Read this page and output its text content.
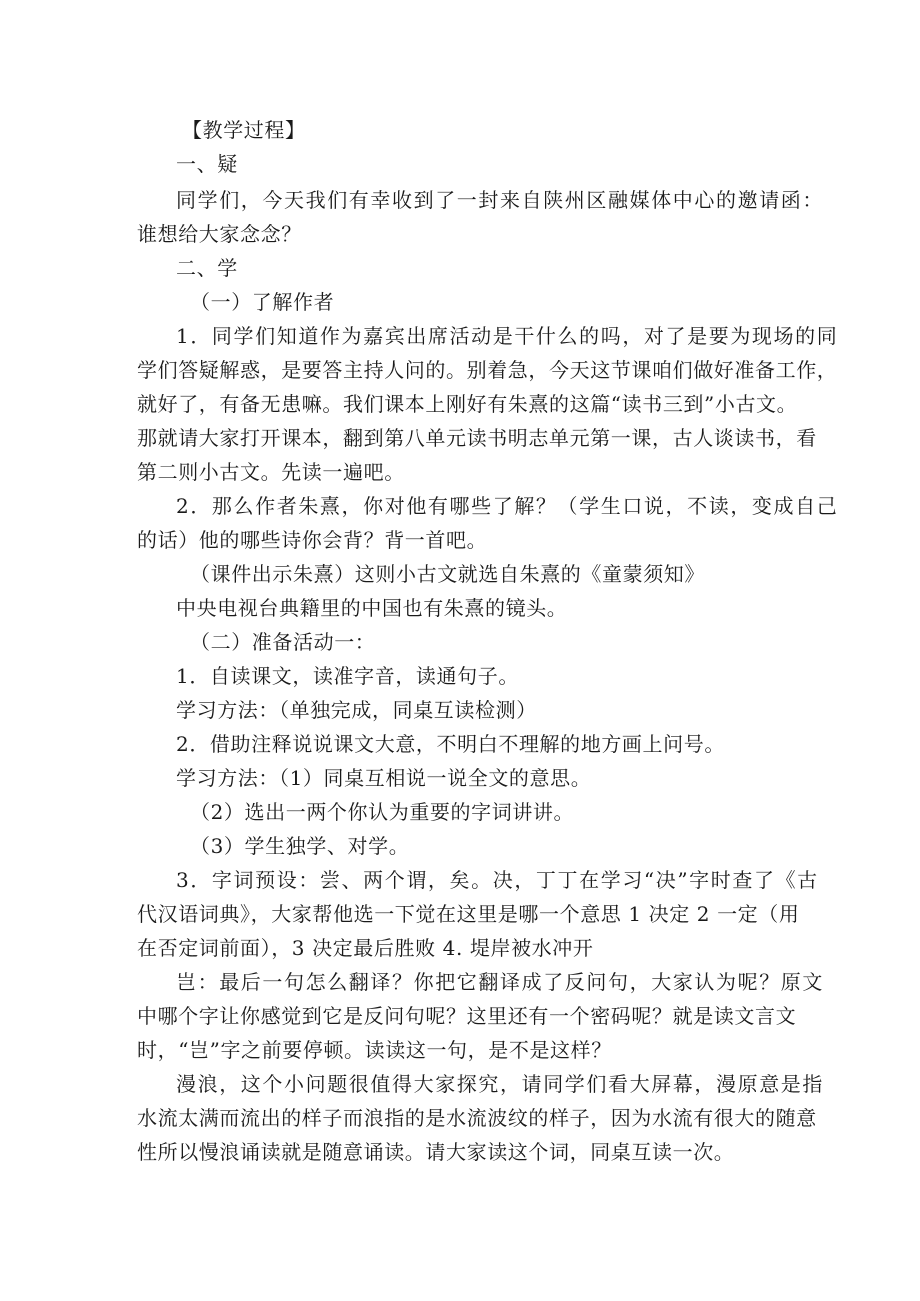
【教学过程】
一、疑
同学们，今天我们有幸收到了一封来自陕州区融媒体中心的邀请函：
谁想给大家念念？
二、学
（一）了解作者
1．同学们知道作为嘉宾出席活动是干什么的吗，对了是要为现场的同
学们答疑解惑，是要答主持人问的。别着急，今天这节课咱们做好准备工作，
就好了，有备无患嘛。我们课本上刚好有朱熹的这篇“读书三到”小古文。
那就请大家打开课本，翻到第八单元读书明志单元第一课，古人谈读书，看
第二则小古文。先读一遍吧。
2．那么作者朱熹，你对他有哪些了解？（学生口说，不读，变成自己
的话）他的哪些诗你会背？背一首吧。
（课件出示朱熹）这则小古文就选自朱熹的《童蒙须知》
中央电视台典籍里的中国也有朱熹的镜头。
（二）准备活动一：
1．自读课文，读准字音，读通句子。
学习方法：（单独完成，同桌互读检测）
2．借助注释说说课文大意，不明白不理解的地方画上问号。
学习方法：（1）同桌互相说一说全文的意思。
（2）选出一两个你认为重要的字词讲讲。
（3）学生独学、对学。
3．字词预设：尝、两个谓，矣。决，丁丁在学习“决”字时查了《古
代汉语词典》，大家帮他选一下觉在这里是哪一个意思 1 决定 2 一定（用
在否定词前面），3 决定最后胜败 4. 堤岸被水冲开
岂：最后一句怎么翻译？你把它翻译成了反问句，大家认为呢？原文
中哪个字让你感觉到它是反问句呢？这里还有一个密码呢？就是读文言文
时，“岂”字之前要停顿。读读这一句，是不是这样？
漫浪，这个小问题很值得大家探究，请同学们看大屏幕，漫原意是指
水流太满而流出的样子而浪指的是水流波纹的样子，因为水流有很大的随意
性所以慢浪诵读就是随意诵读。请大家读这个词，同桌互读一次。
